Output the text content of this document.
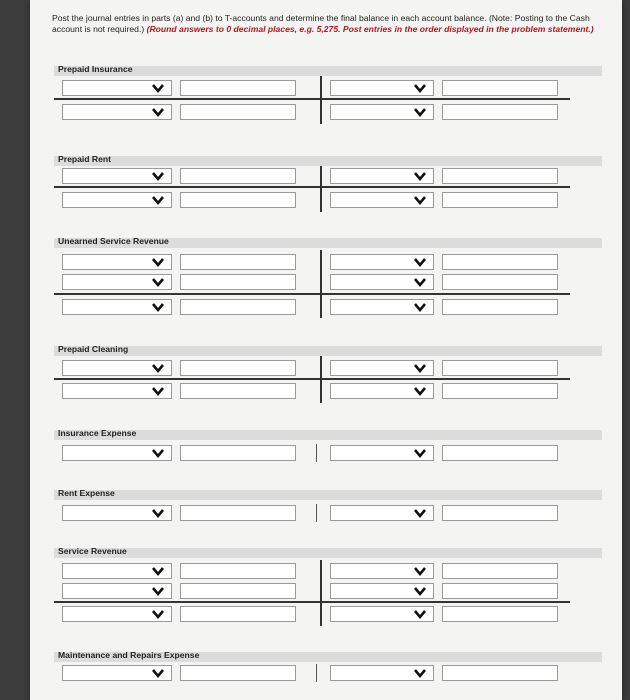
Post the journal entries in parts (a) and (b) to T-accounts and determine the final balance in each account balance. (Note: Posting to the Cash account is not required.) (Round answers to 0 decimal places, e.g. 5,275. Post entries in the order displayed in the problem statement.)
Prepaid Insurance
Prepaid Rent
Unearned Service Revenue
Prepaid Cleaning
Insurance Expense
Rent Expense
Service Revenue
Maintenance and Repairs Expense
